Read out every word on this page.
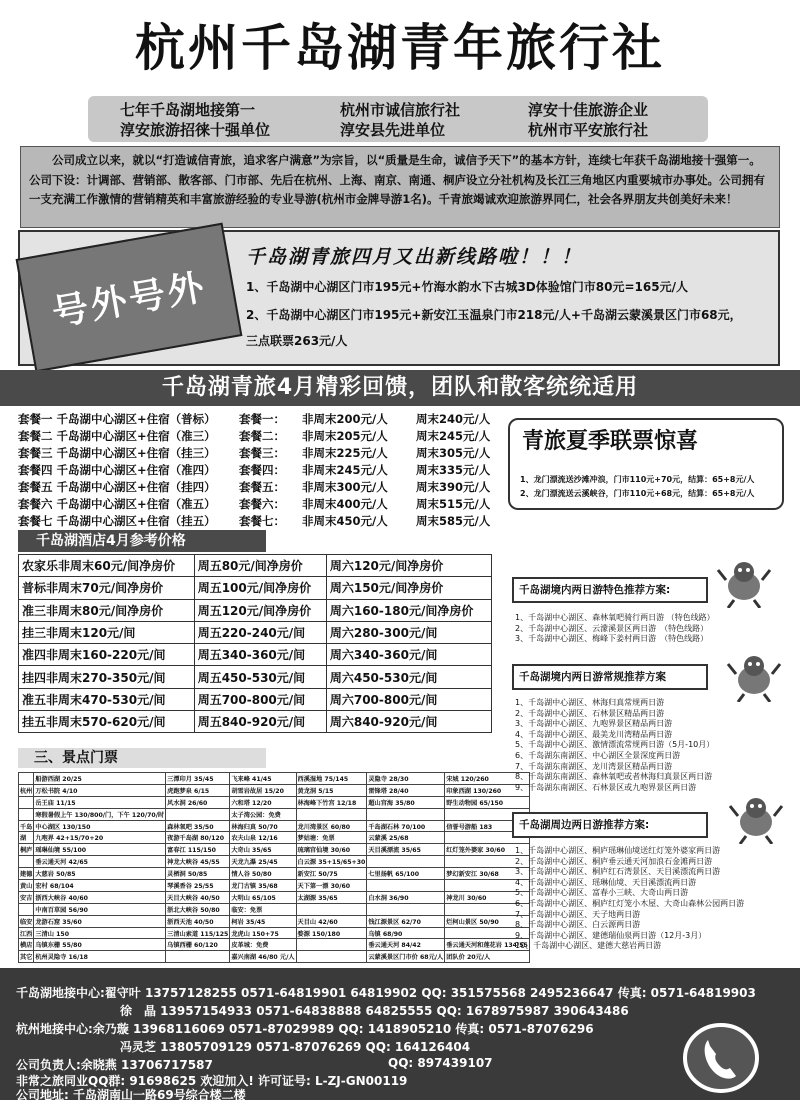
杭州千岛湖青年旅行社
七年千岛湖地接第一	杭州市诚信旅行社	淳安十佳旅游企业
淳安旅游招徕十强单位	淳安县先进单位	杭州市平安旅行社
公司成立以来，就以“打造诚信青旅，追求客户满意”为宗旨，以“质量是生命，诚信予天下”的基本方针，连续七年获千岛湖地接十强第一。公司下设：计调部、营销部、散客部、门市部、先后在杭州、上海、南京、南通、桐庐设立分社机构及长江三角地区内重要城市办事处。公司拥有一支充满工作激情的营销精英和丰富旅游经验的专业导游(杭州市金牌导游1名)。千青旅竭诚欢迎旅游界同仁，社会各界朋友共创美好未来！
号外号外
千岛湖青旅四月又出新线路啦！！！
1、千岛湖中心湖区门市195元+竹海水韵水下古城3D体验馆门市80元=165元/人
2、千岛湖中心湖区门市195元+新安江玉温泉门市218元/人+千岛湖云蒙溪景区门市68元，
三点联票263元/人
千岛湖青旅4月精彩回馈，团队和散客统统适用
套餐一 千岛湖中心湖区+住宿（普标） 套餐一： 非周末200元/人 周末240元/人
套餐二 千岛湖中心湖区+住宿（准三） 套餐二： 非周末205元/人 周末245元/人
套餐三 千岛湖中心湖区+住宿（挂三） 套餐三： 非周末225元/人 周末305元/人
套餐四 千岛湖中心湖区+住宿（准四） 套餐四： 非周末245元/人 周末335元/人
套餐五 千岛湖中心湖区+住宿（挂四） 套餐五： 非周末300元/人 周末390元/人
套餐六 千岛湖中心湖区+住宿（准五） 套餐六： 非周末400元/人 周末515元/人
套餐七 千岛湖中心湖区+住宿（挂五） 套餐七： 非周末450元/人 周末585元/人
青旅夏季联票惊喜
1、龙门漂流送沙滩冲浪，门市110元+70元，结算：65+8元/人
2、龙门漂流送云溪峡谷，门市110元+68元，结算：65+8元/人
千岛湖酒店4月参考价格
农家乐非周末60元/间净房价	周五80元/间净房价	周六120元/间净房价
普标非周末70元/间净房价	周五100元/间净房价	周六150元/间净房价
准三非周末80元/间净房价	周五120元/间净房价	周六160-180元/间净房价
挂三非周末120元/间	周五220-240元/间	周六280-300元/间
准四非周末160-220元/间	周五340-360元/间	周六340-360元/间
挂四非周末270-350元/间	周五450-530元/间	周六450-530元/间
准五非周末470-530元/间	周五700-800元/间	周六700-800元/间
挂五非周末570-620元/间	周五840-920元/间	周六840-920元/间
三、景点门票
	船游西湖 20/25	三潭印月 35/45	飞来峰 41/45	西溪湿地 75/145	灵隐寺 28/30	宋城 120/260
杭州	万松书院 4/10	虎跑梦泉 6/15	胡雪岩故居 15/20	黄龙洞 5/15	雷锋塔 28/40	印象西湖 130/260
	岳王庙 11/15	风水洞 26/60	六和塔 12/20	林海峰下竹宫 12/18	超山宫海 35/80	野生动物园 65/150
	寒假暑假上午 130/800/门，下午 120/70/时		太子湾公园：免费			
千岛	中心湖区 130/150	森林氧吧 35/50	林海归真 50/70	龙川湾景区 60/80	千岛湖石林 70/100	信誉号游船 183
湖	九咆界 42+15/70+20	夜游千岛湖 80/120	农夫山泉 12/16	梦姑塘：免票	云蒙溪 25/68	
桐庐	瑶琳仙境 55/100	富春江 115/150	大奇山 35/65	琉璃宫仙境 30/60	天目溪漂流 35/65	红灯笼外婆家 30/60
	垂云通天河 42/65	神龙大峡谷 45/55	天龙九瀑 25/45	白云源 35+15/65+30		
建德	大慈岩 50/85	灵栖洞 50/85	情人谷 50/80	新安江 50/75	七里扬帆 65/100	梦幻新安江 30/68
黄山	宏村 68/104	琴溪香谷 25/55	龙门古镇 35/68	天下第一漂 30/60		
安吉	浙西大峡谷 40/60	天目大峡谷 40/50	大明山 65/105	太湖源 35/65	白水洞 36/90	神龙川 30/60
	中南百草园 56/90	浙北大峡谷 50/80	临安：免票			
临安	龙游石窟 35/60	浙西天池 40/50	柯岩 35/45	天目山 42/60	钱江源景区 62/70	烂柯山景区 50/90
江西	三清山 150	三清山索道 115/125	龙虎山 150+75	婺源 150/180	乌镇 68/90	
横店	乌镇东栅 55/80	乌镇西栅 60/120	皮革城：免费		垂云通天河 84/42	垂云通天河和莲花岩 134/55
其它	杭州灵隐寺 16/18		嘉兴南湖 46/80 元/人		云蒙溪景区门市价 68元/人	团队价 20元/人
千岛湖境内两日游特色推荐方案:
1、千岛湖中心湖区、森林氧吧骑行两日游 （特色线路）
2、千岛湖中心湖区、云濛溪景区两日游　（特色线路）
3、千岛湖中心湖区、梅峰下姜村两日游　（特色线路）
千岛湖境内两日游常规推荐方案
1、千岛湖中心湖区、林海归真常规两日游
2、千岛湖中心湖区、石林景区精品两日游
3、千岛湖中心湖区、九咆界景区精品两日游
4、千岛湖中心湖区、最美龙川湾精品两日游
5、千岛湖中心湖区、激情漂流常规两日游（5月-10月）
6、千岛湖东南湖区、中心湖区全景深度两日游
7、千岛湖东南湖区、龙川湾景区精品两日游
8、千岛湖东南湖区、森林氧吧或者林海归真景区两日游
9、千岛湖东南湖区、石林景区或九咆界景区两日游
千岛湖周边两日游推荐方案:
1、千岛湖中心湖区、桐庐瑶琳仙境送红灯笼外婆家两日游
2、千岛湖中心湖区、桐庐垂云通天河加浪石金滩两日游
3、千岛湖中心湖区、桐庐红石湾景区、天目溪漂流两日游
4、千岛湖中心湖区、瑶琳仙境、天目溪漂流两日游
5、千岛湖中心湖区、富春小三峡、大奇山两日游
6、千岛湖中心湖区、桐庐红灯笼小木屋、大奇山森林公园两日游
7、千岛湖中心湖区、天子地两日游
8、千岛湖中心湖区、白云源两日游
9、千岛湖中心湖区、建德瑞仙泉两日游（12月-3月）
10、千岛湖中心湖区、建德大慈岩两日游
千岛湖地接中心:翟守叶 13757128255 0571-64819901 64819902 QQ: 351575568 2495236647 传真: 0571-64819903
徐　晶 13957154933 0571-64838888 64825555 QQ: 1678975987 390643486
杭州地接中心:余乃璇 13968116069 0571-87029989 QQ: 1418905210 传真: 0571-87076296
冯灵芝 13805709129 0571-87076269 QQ: 164126404
公司负责人:余晓燕 13706717587	QQ: 897439107
非常之旅同业QQ群: 91698625 欢迎加入! 许可证号: L-ZJ-GN00119
公司地址: 千岛湖南山一路69号综合楼二楼
